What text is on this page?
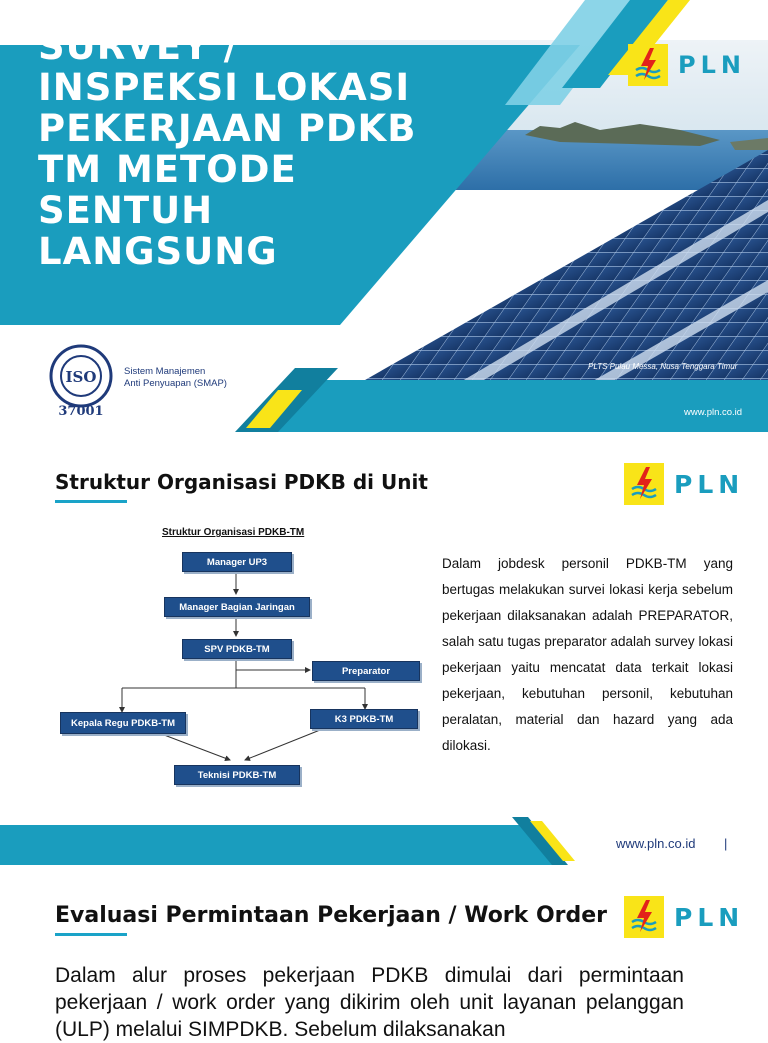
SURVEY /
INSPEKSI LOKASI
PEKERJAAN PDKB
TM METODE
SENTUH
LANGSUNG
PLN
ISO
37001
Sistem Manajemen
Anti Penyuapan (SMAP)
PLTS Pulau Messa, Nusa Tenggara Timur
www.pln.co.id
Struktur Organisasi PDKB di Unit	PLN
Struktur Organisasi PDKB-TM
Manager UP3
Manager Bagian Jaringan
SPV PDKB-TM
Preparator
Kepala Regu PDKB-TM	K3 PDKB-TM
Teknisi PDKB-TM

Dalam jobdesk personil PDKB-TM yang bertugas melakukan survei lokasi kerja sebelum pekerjaan dilaksanakan adalah PREPARATOR, salah satu tugas preparator adalah survey lokasi pekerjaan yaitu mencatat data terkait lokasi pekerjaan, kebutuhan personil, kebutuhan peralatan, material dan hazard yang ada dilokasi.

www.pln.co.id |
Evaluasi Permintaan Pekerjaan / Work Order	PLN

Dalam alur proses pekerjaan PDKB dimulai dari permintaan pekerjaan / work order yang dikirim oleh unit layanan pelanggan (ULP) melalui SIMPDKB. Sebelum dilaksanakan
